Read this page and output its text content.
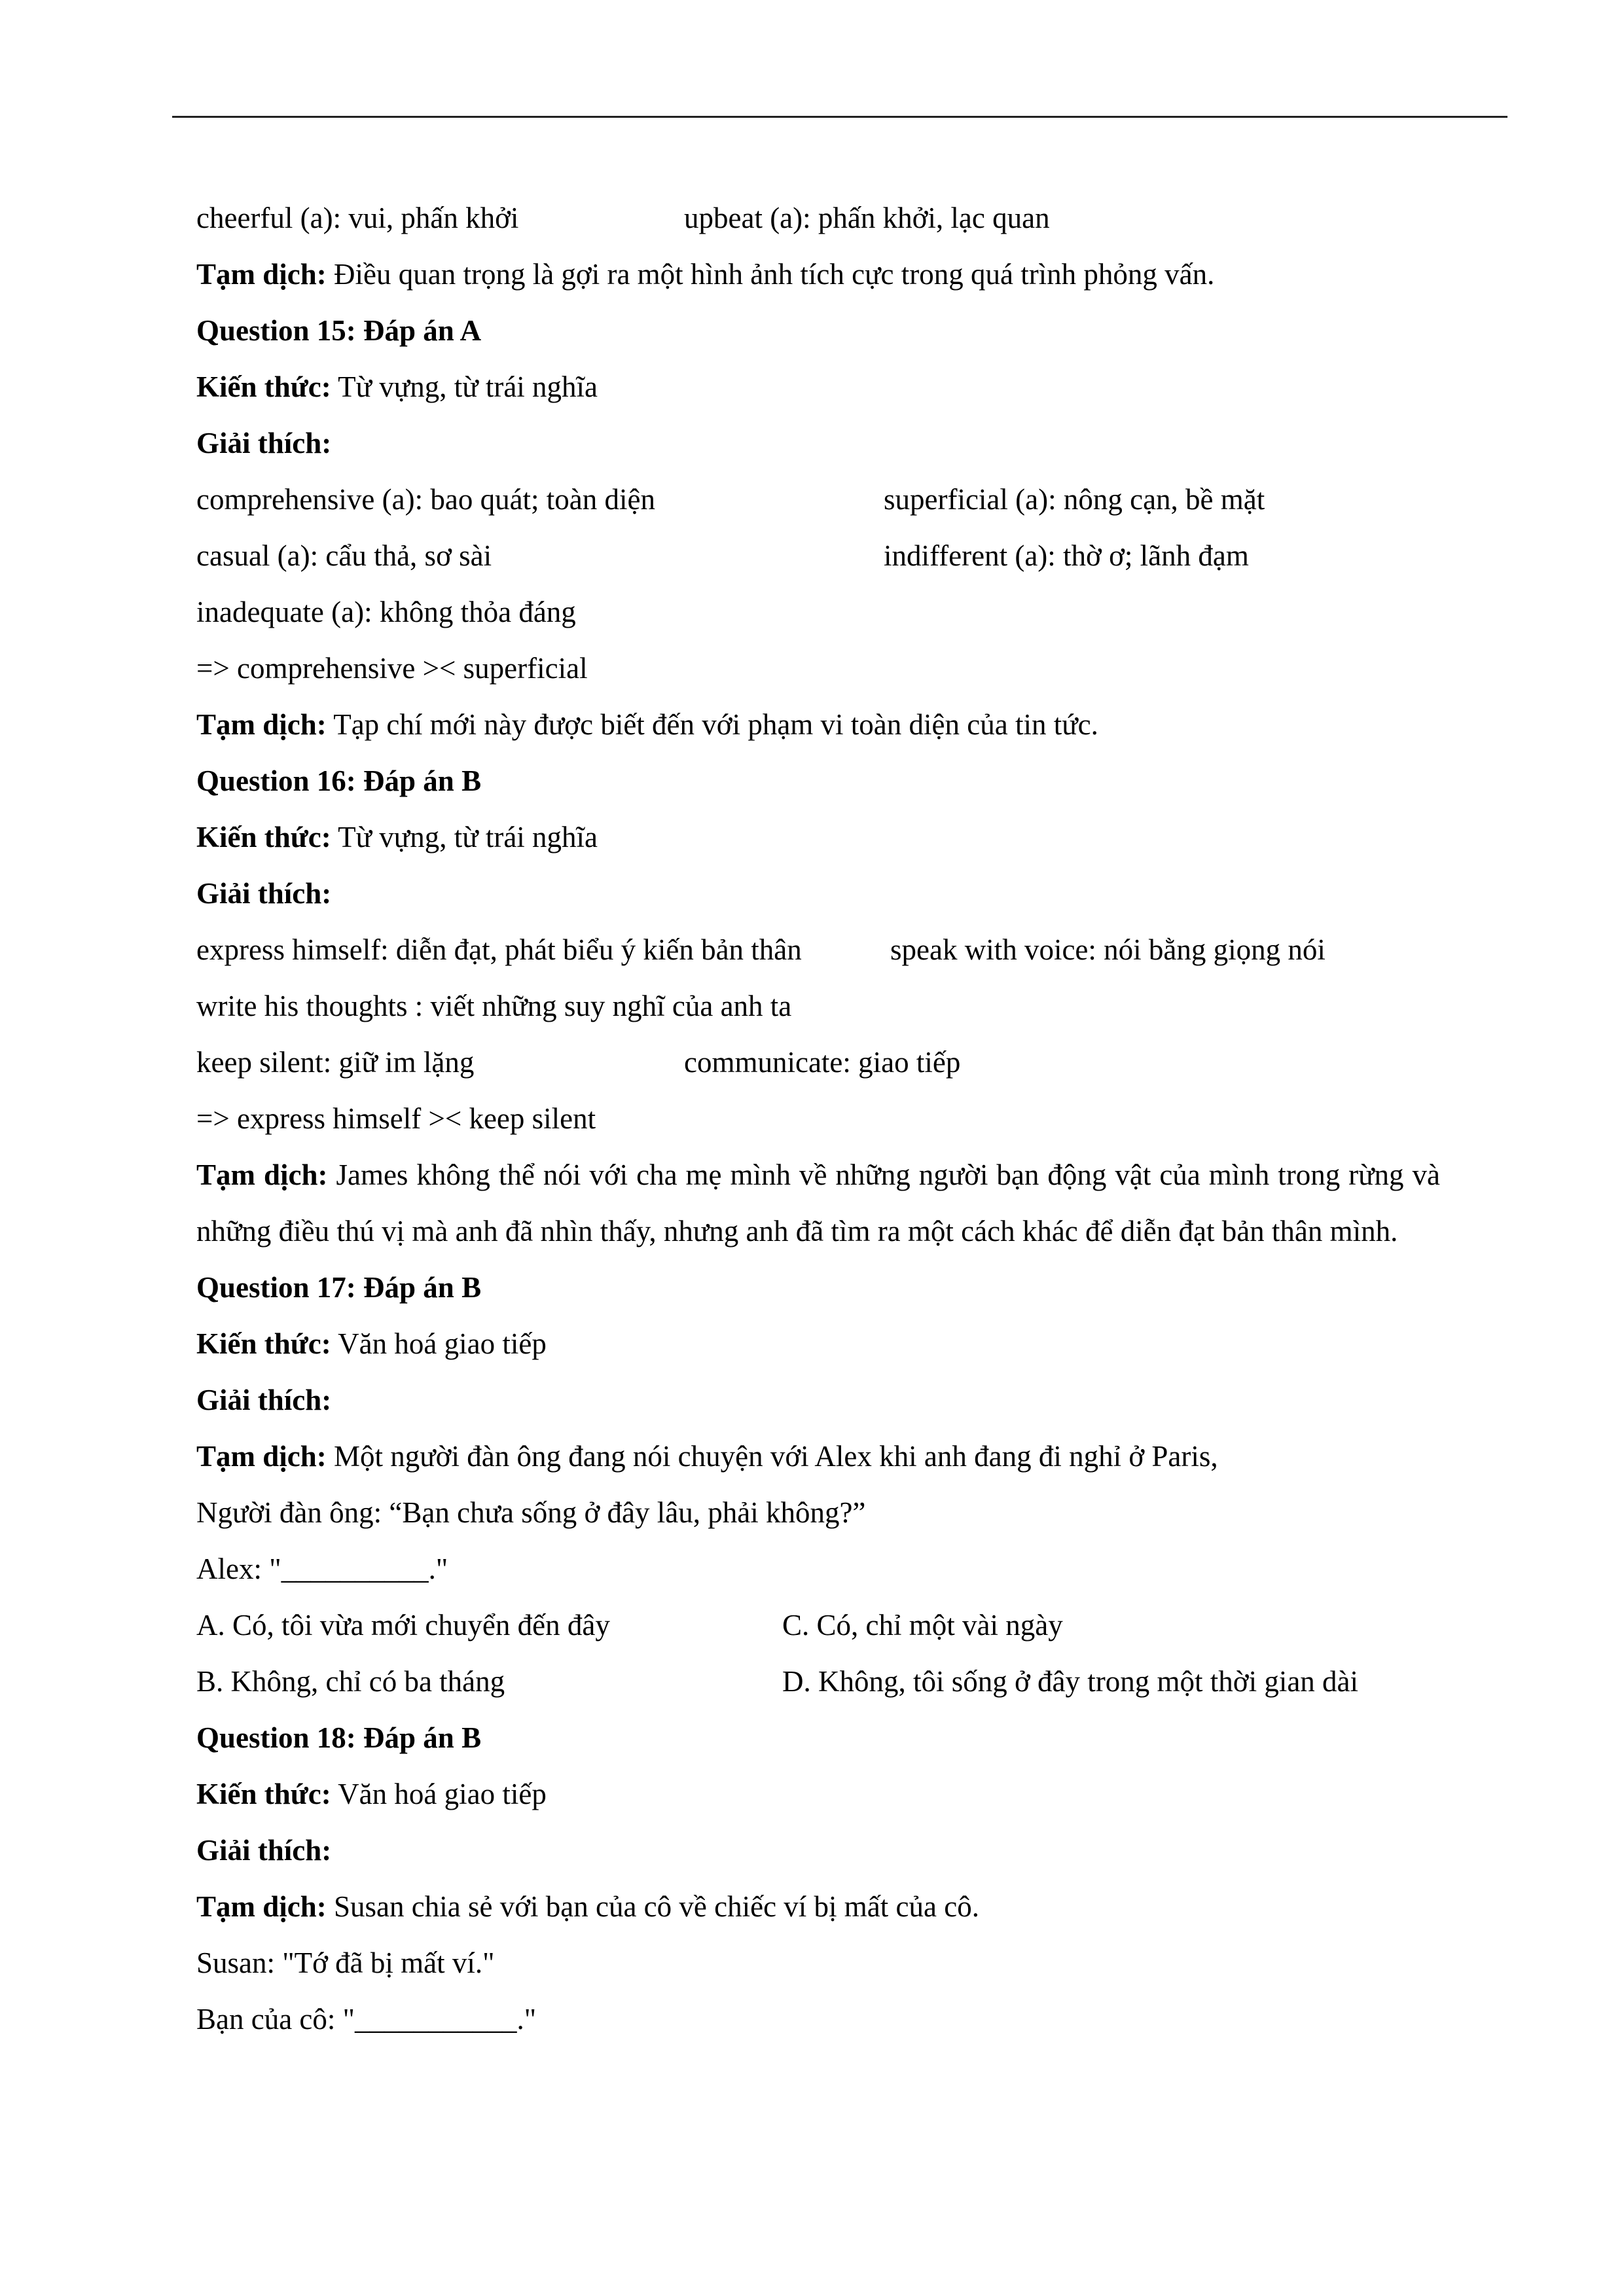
cheerful (a): vui, phấn khởi	upbeat (a): phấn khởi, lạc quan
Tạm dịch: Điều quan trọng là gợi ra một hình ảnh tích cực trong quá trình phỏng vấn.
Question 15: Đáp án A
Kiến thức: Từ vựng, từ trái nghĩa
Giải thích:
comprehensive (a): bao quát; toàn diện	superficial (a): nông cạn, bề mặt
casual (a): cẩu thả, sơ sài	indifferent (a): thờ ơ; lãnh đạm
inadequate (a): không thỏa đáng
=> comprehensive >< superficial
Tạm dịch: Tạp chí mới này được biết đến với phạm vi toàn diện của tin tức.
Question 16: Đáp án B
Kiến thức: Từ vựng, từ trái nghĩa
Giải thích:
express himself: diễn đạt, phát biểu ý kiến bản thân	speak with voice: nói bằng giọng nói
write his thoughts : viết những suy nghĩ của anh ta
keep silent: giữ im lặng	communicate: giao tiếp
=> express himself >< keep silent
Tạm dịch: James không thể nói với cha mẹ mình về những người bạn động vật của mình trong rừng và những điều thú vị mà anh đã nhìn thấy, nhưng anh đã tìm ra một cách khác để diễn đạt bản thân mình.
Question 17: Đáp án B
Kiến thức: Văn hoá giao tiếp
Giải thích:
Tạm dịch: Một người đàn ông đang nói chuyện với Alex khi anh đang đi nghỉ ở Paris,
Người đàn ông: “Bạn chưa sống ở đây lâu, phải không?”
Alex: "__________."
A. Có, tôi vừa mới chuyển đến đây	C. Có, chỉ một vài ngày
B. Không, chỉ có ba tháng	D. Không, tôi sống ở đây trong một thời gian dài
Question 18: Đáp án B
Kiến thức: Văn hoá giao tiếp
Giải thích:
Tạm dịch: Susan chia sẻ với bạn của cô về chiếc ví bị mất của cô.
Susan: "Tớ đã bị mất ví."
Bạn của cô: "___________."
